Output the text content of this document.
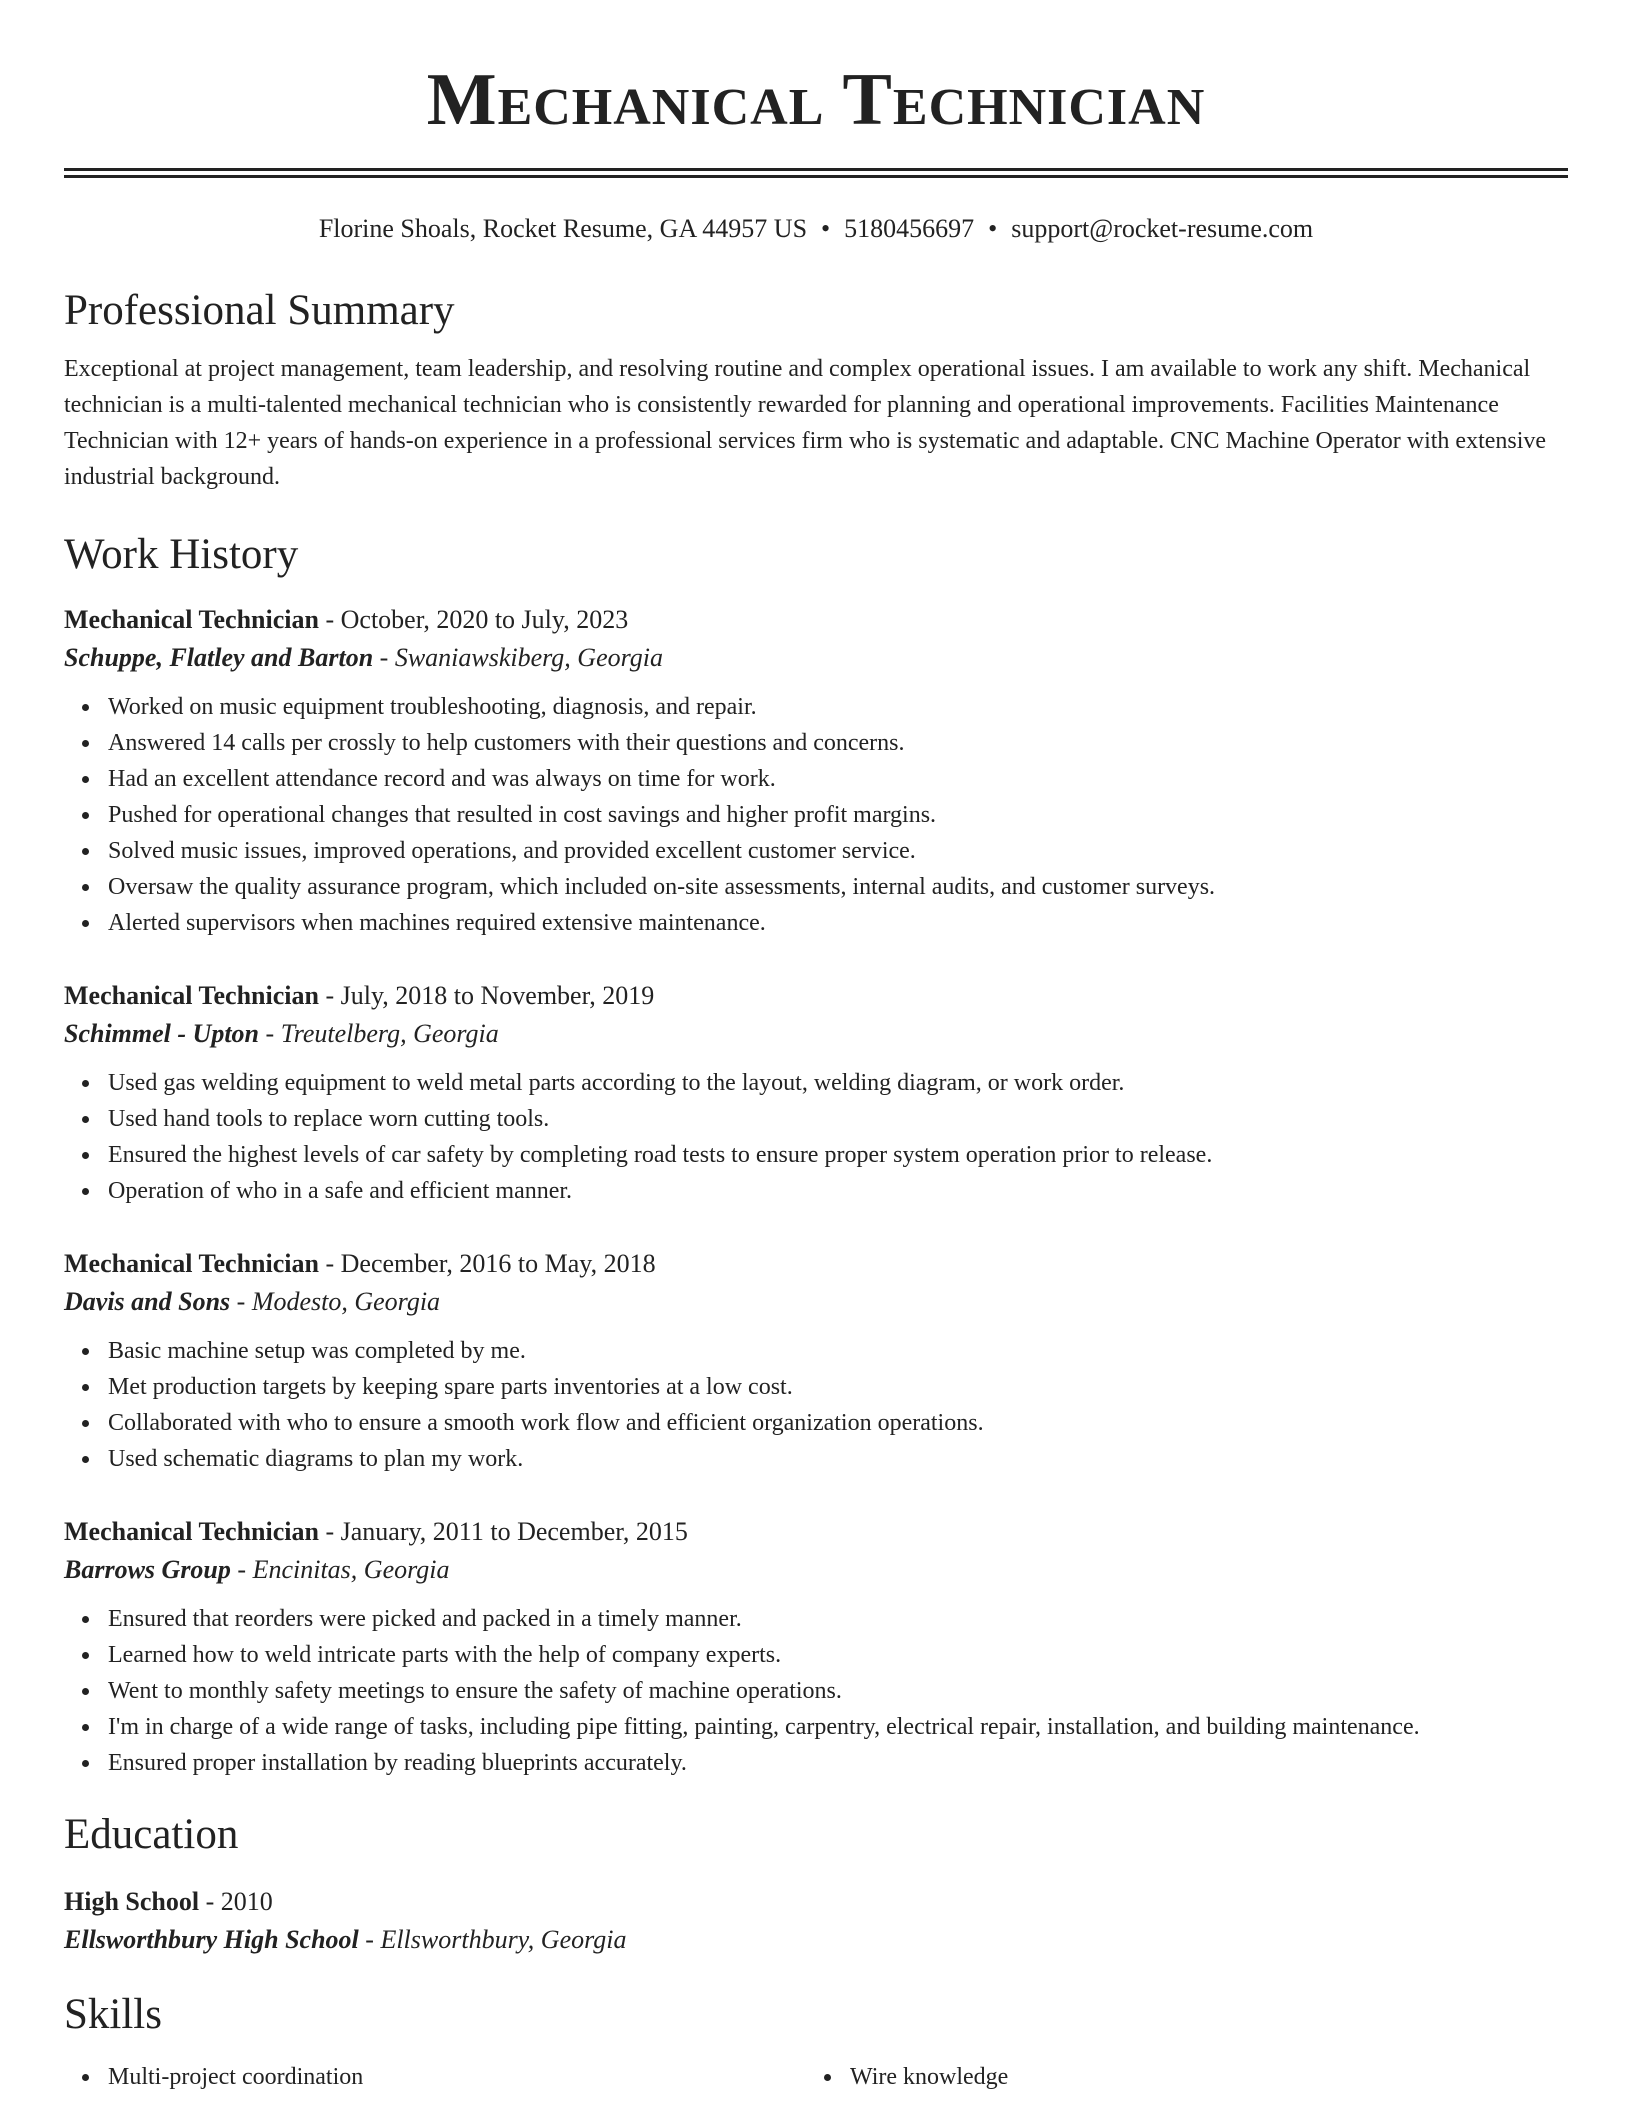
Mechanical Technician
Florine Shoals, Rocket Resume, GA 44957 US • 5180456697 • support@rocket-resume.com
Professional Summary

Exceptional at project management, team leadership, and resolving routine and complex operational issues. I am available to work any shift. Mechanical technician is a multi-talented mechanical technician who is consistently rewarded for planning and operational improvements. Facilities Maintenance Technician with 12+ years of hands-on experience in a professional services firm who is systematic and adaptable. CNC Machine Operator with extensive industrial background.

Work History
Mechanical Technician - October, 2020 to July, 2023
Schuppe, Flatley and Barton - Swaniawskiberg, Georgia
Worked on music equipment troubleshooting, diagnosis, and repair.
Answered 14 calls per crossly to help customers with their questions and concerns.
Had an excellent attendance record and was always on time for work.
Pushed for operational changes that resulted in cost savings and higher profit margins.
Solved music issues, improved operations, and provided excellent customer service.
Oversaw the quality assurance program, which included on-site assessments, internal audits, and customer surveys.
Alerted supervisors when machines required extensive maintenance.
Mechanical Technician - July, 2018 to November, 2019
Schimmel - Upton - Treutelberg, Georgia
Used gas welding equipment to weld metal parts according to the layout, welding diagram, or work order.
Used hand tools to replace worn cutting tools.
Ensured the highest levels of car safety by completing road tests to ensure proper system operation prior to release.
Operation of who in a safe and efficient manner.
Mechanical Technician - December, 2016 to May, 2018
Davis and Sons - Modesto, Georgia
Basic machine setup was completed by me.
Met production targets by keeping spare parts inventories at a low cost.
Collaborated with who to ensure a smooth work flow and efficient organization operations.
Used schematic diagrams to plan my work.
Mechanical Technician - January, 2011 to December, 2015
Barrows Group - Encinitas, Georgia
Ensured that reorders were picked and packed in a timely manner.
Learned how to weld intricate parts with the help of company experts.
Went to monthly safety meetings to ensure the safety of machine operations.
I'm in charge of a wide range of tasks, including pipe fitting, painting, carpentry, electrical repair, installation, and building maintenance.
Ensured proper installation by reading blueprints accurately.
Education
High School - 2010
Ellsworthbury High School - Ellsworthbury, Georgia
Skills
Multi-project coordination	Wire knowledge
